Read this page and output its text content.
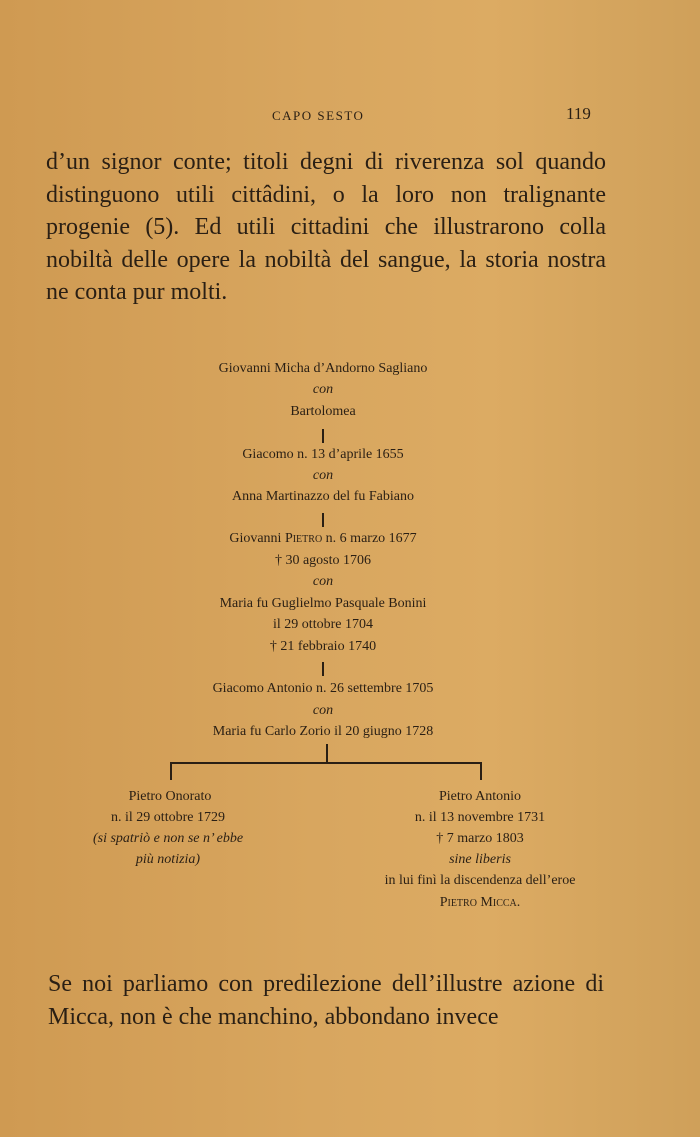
CAPO SESTO	119

d’un signor conte; titoli degni di riverenza sol quando distinguono utili cittâdini, o la loro non tralignante progenie (5). Ed utili cittadini che illustrarono colla nobiltà delle opere la nobiltà del sangue, la storia nostra ne conta pur molti.

Giovanni Micha d’Andorno Sagliano
con
Bartolomea
Giacomo n. 13 d’aprile 1655
con
Anna Martinazzo del fu Fabiano
Giovanni Pietro n. 6 marzo 1677
† 30 agosto 1706
con
Maria fu Guglielmo Pasquale Bonini
il 29 ottobre 1704
† 21 febbraio 1740
Giacomo Antonio n. 26 settembre 1705
con
Maria fu Carlo Zorio il 20 giugno 1728
Pietro Onorato
n. il 29 ottobre 1729
(si spatriò e non se n’ ebbe
più notizia)
Pietro Antonio
n. il 13 novembre 1731
† 7 marzo 1803
sine liberis
in lui finì la discendenza dell’eroe
Pietro Micca.

Se noi parliamo con predilezione dell’illustre azione di Micca, non è che manchino, abbondano invece
